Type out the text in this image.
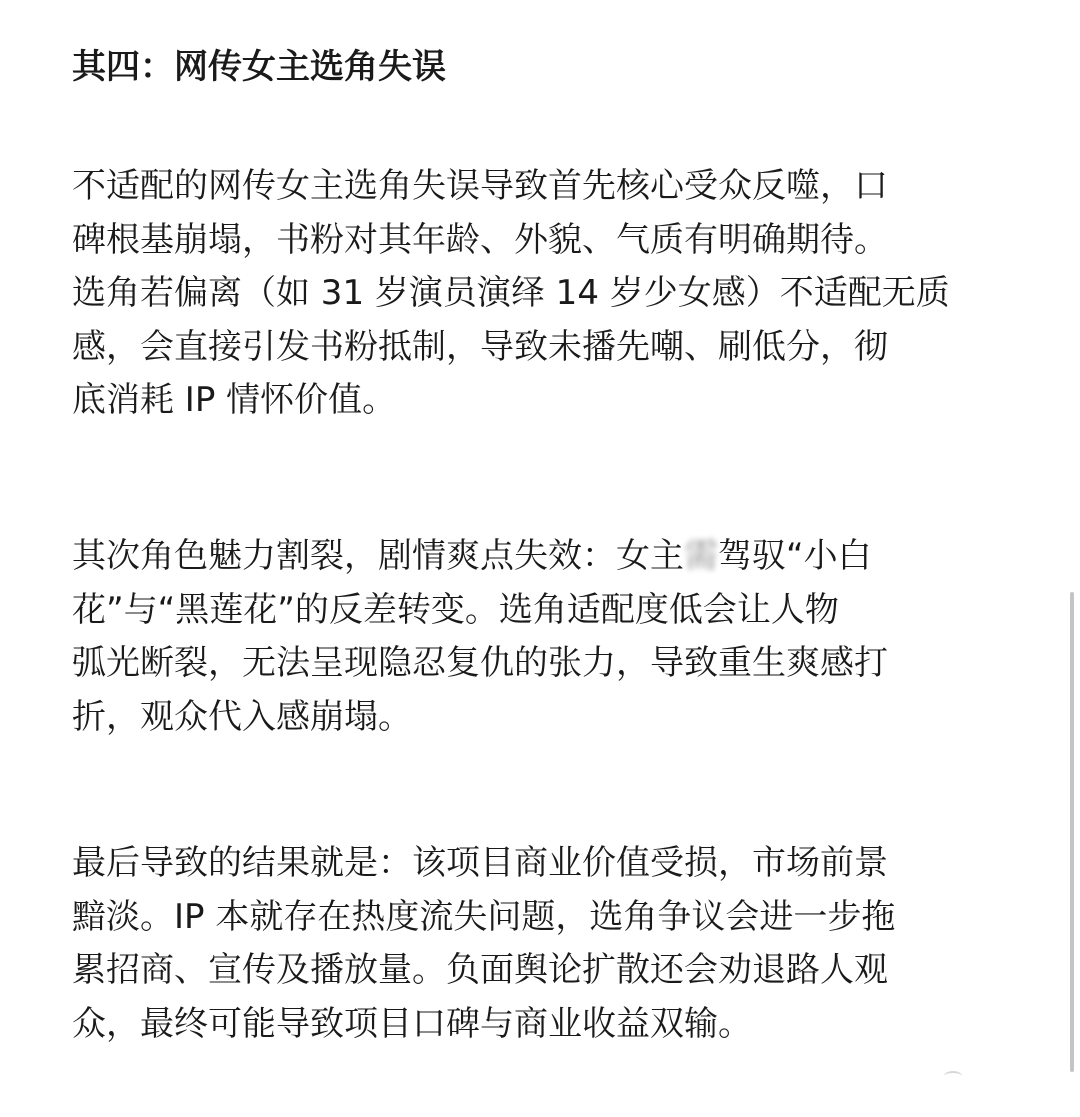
其四：网传女主选角失误

不适配的网传女主选角失误导致首先核心受众反噬，口
碑根基崩塌，书粉对其年龄、外貌、气质有明确期待。
选角若偏离（如 31 岁演员演绎 14 岁少女感）不适配无质
感，会直接引发书粉抵制，导致未播先嘲、刷低分，彻
底消耗 IP 情怀价值。

其次角色魅力割裂，剧情爽点失效：女主需驾驭“小白
花”与“黑莲花”的反差转变。选角适配度低会让人物
弧光断裂，无法呈现隐忍复仇的张力，导致重生爽感打
折，观众代入感崩塌。

最后导致的结果就是：该项目商业价值受损，市场前景
黯淡。IP 本就存在热度流失问题，选角争议会进一步拖
累招商、宣传及播放量。负面舆论扩散还会劝退路人观
众，最终可能导致项目口碑与商业收益双输。
